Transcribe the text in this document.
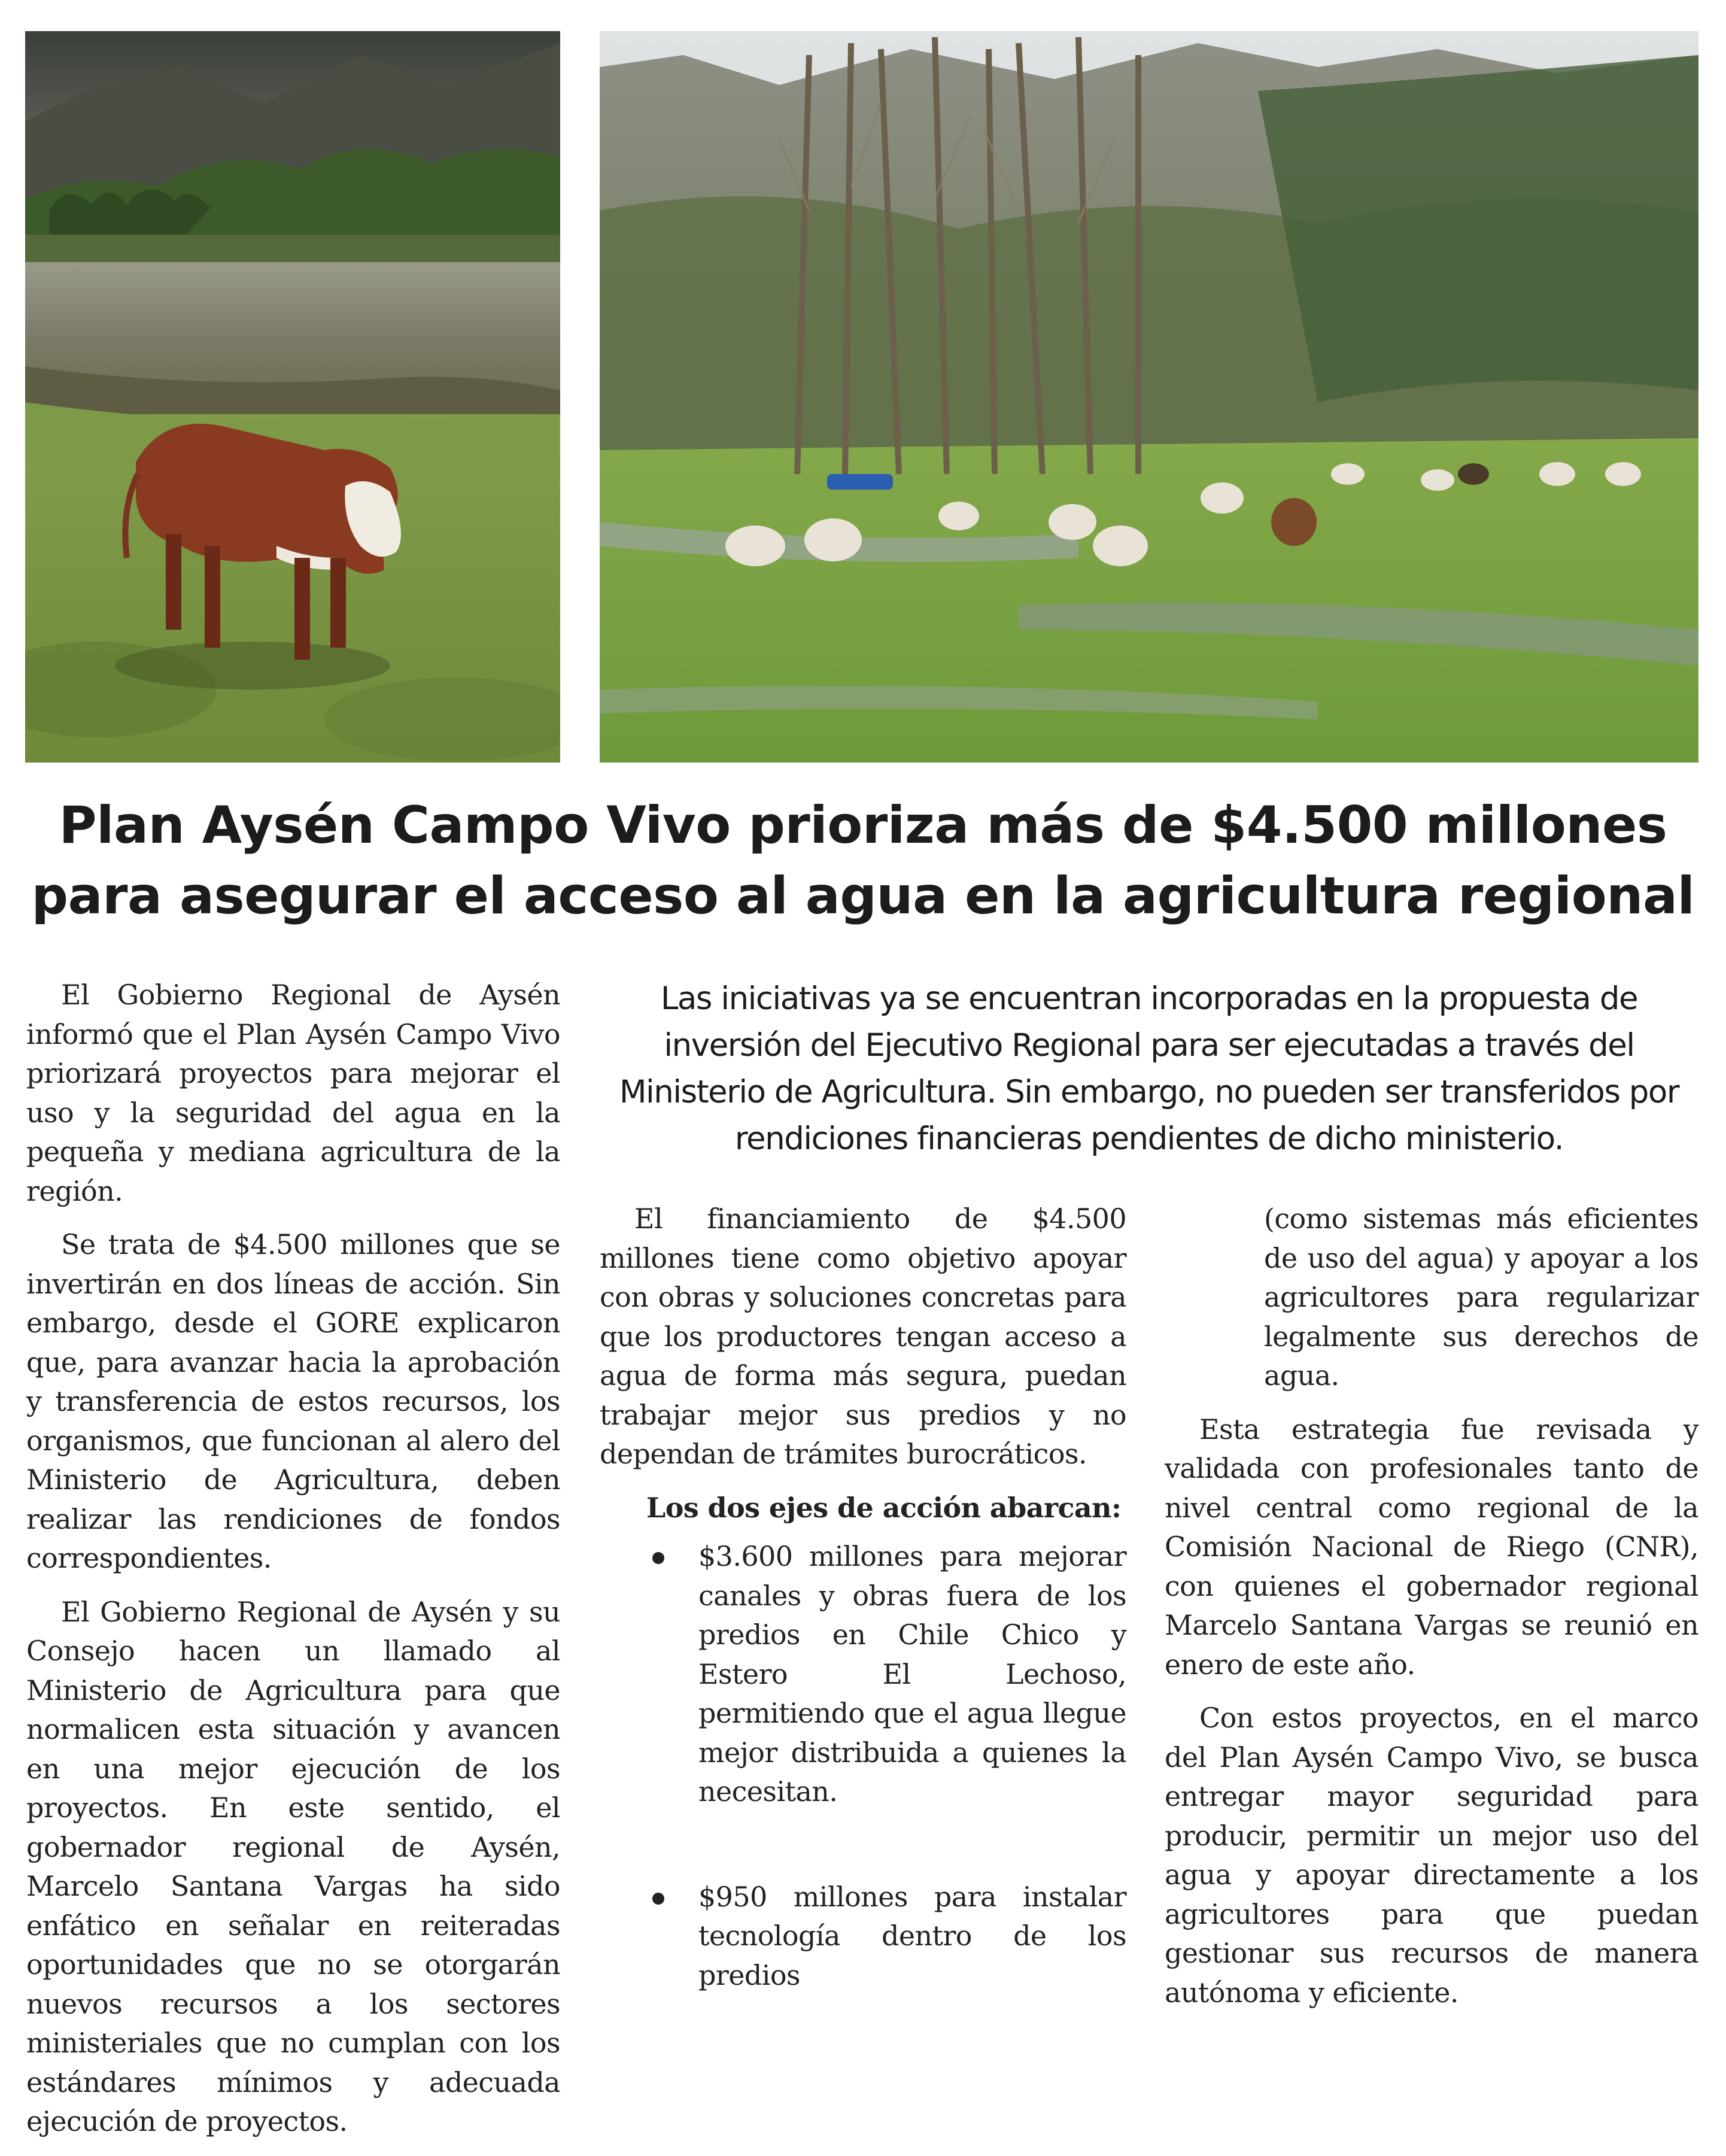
Plan Aysén Campo Vivo prioriza más de $4.500 millones
para asegurar el acceso al agua en la agricultura regional
Las iniciativas ya se encuentran incorporadas en la propuesta de
inversión del Ejecutivo Regional para ser ejecutadas a través del
Ministerio de Agricultura. Sin embargo, no pueden ser transferidos por
rendiciones financieras pendientes de dicho ministerio.

El Gobierno Regional de Aysén informó que el Plan Aysén Campo Vivo priorizará proyectos para mejorar el uso y la seguridad del agua en la pequeña y mediana agricultura de la región.

Se trata de $4.500 millones que se invertirán en dos líneas de acción. Sin embargo, desde el GORE explicaron que, para avanzar hacia la aprobación y transferencia de estos recursos, los organismos, que funcionan al alero del Ministerio de Agricultura, deben realizar las rendiciones de fondos correspondientes.

El Gobierno Regional de Aysén y su Consejo hacen un llamado al Ministerio de Agricultura para que normalicen esta situación y avancen en una mejor ejecución de los proyectos. En este sentido, el gobernador regional de Aysén, Marcelo Santana Vargas ha sido enfático en señalar en reiteradas oportunidades que no se otorgarán nuevos recursos a los sectores ministeriales que no cumplan con los estándares mínimos y adecuada ejecución de proyectos.

El financiamiento de $4.500 millones tiene como objetivo apoyar con obras y soluciones concretas para que los productores tengan acceso a agua de forma más segura, puedan trabajar mejor sus predios y no dependan de trámites burocráticos.

Los dos ejes de acción abarcan:
$3.600 millones para mejorar canales y obras fuera de los predios en Chile Chico y Estero El Lechoso, permitiendo que el agua llegue mejor distribuida a quienes la necesitan.
$950 millones para instalar tecnología dentro de los predios

(como sistemas más eficientes de uso del agua) y apoyar a los agricultores para regularizar legalmente sus derechos de agua.

Esta estrategia fue revisada y validada con profesionales tanto de nivel central como regional de la Comisión Nacional de Riego (CNR), con quienes el gobernador regional Marcelo Santana Vargas se reunió en enero de este año.

Con estos proyectos, en el marco del Plan Aysén Campo Vivo, se busca entregar mayor seguridad para producir, permitir un mejor uso del agua y apoyar directamente a los agricultores para que puedan gestionar sus recursos de manera autónoma y eficiente.
